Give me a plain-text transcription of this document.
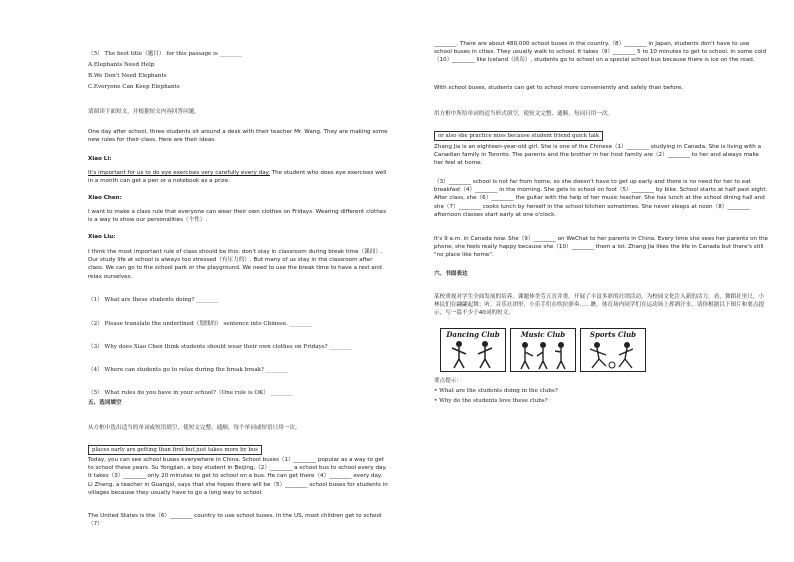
（5） The best title（题目） for this passage is ________
A.Elephants Need Help
B.We Don't Need Elephants
C.Everyone Can Keep Elephants
请阅读下面短文，并根据短文内容回答问题。
One day after school, three students sit around a desk with their teacher Mr. Wang. They are making some new rules for their class. Here are their ideas.
Xiao Li:
It's important for us to do eye exercises very carefully every day. The student who does eye exercises well in a month can get a pen or a notebook as a prize.
Xiao Chen:
I want to make a class rule that everyone can wear their own clothes on Fridays. Wearing different clothes is a way to show our personalities（个性）.
Xiao Liu:
I think the most important rule of class should be this: don't stay in classroom during break time（课间）. Our study life at school is always too stressed（有压力的）. But many of us stay in the classroom after class. We can go to the school park or the playground. We need to use the break time to have a rest and relax ourselves.
（1） What are these students doing? ________
（2） Please translate the underlined（划线的） sentence into Chinese. ________
（3） Why does Xiao Chen think students should wear their own clothes on Fridays? ________
（4） Where can students go to relax during the break break? ________
（5） What rules do you have in your school?（One rule is OK） ________
五、选词填空
从方框中选出适当的单词或短语填空，使短文完整、通顺，每个单词或短语只用一次。
places early are getting than first but just takes more by bus
Today, you can see school buses everywhere in China. School buses（1）________ popular as a way to get to school these years. Su Yongjian, a boy student in Beijing,（2）________ a school bus to school every day. It takes（3）________ only 20 minutes to get to school on a bus. He can get there（4）________ every day. Li Zheng, a teacher in Guangxi, says that she hopes there will be（5）________ school buses for students in villages because they usually have to go a long way to school.
The United States is the（6）________ country to use school buses. In the US, most children get to school（7）
________. There are about 480,000 school buses in the country.（8）________ in Japan, students don't have to use school buses in cities. They usually walk to school. It takes（9）________ 5 to 10 minutes to get to school. In some cold（10）________ like Iceland（冰岛）, students go to school on a special school bus because there is ice on the road.
With school buses, students can get to school more conveniently and safely than before.
用方框中所给单词的适当形式填空，使短文完整、通顺，每词只用一次。
or also she practice miss because student friend quick talk
Zhang Jia is an eighteen-year-old girl. She is one of the Chinese（1）________ studying in Canada. She is living with a Canadian family in Toronto. The parents and the brother in her host family are（2）________ to her and always make her feel at home.
（3）________ school is not far from home, so she doesn't have to get up early and there is no need for her to eat breakfast（4）________ in the morning. She gets to school on foot（5）________ by bike. School starts at half past eight. After class, she（6）________ the guitar with the help of her music teacher. She has lunch at the school dining hall and she（7）________ cooks lunch by herself in the school kitchen sometimes. She never sleeps at noon（8）________ afternoon classes start early at one o'clock.
It's 9 a.m. in Canada now. She（9）________ on WeChat to her parents in China. Every time she sees her parents on the phone, she feels really happy because she（10）________ them a lot. Zhang Jia likes the life in Canada but there's still "no place like home".
六、书面表达
某校重视对学生全面发展的培养，课题体美劳五育并重。开展了丰富多彩的社团活动，为校园文化注入新的活力。看，舞蹈社里尺，小林民们在翩翩起舞；听，音乐社团里，小乐手们在吹拉弹奏……瞧，体育场内同学们在运动场上挥洒汗水。请你根据以下图片和要点提示，写一篇不少于40词的短文。
Dancing Club	Music Club	Sports Club
要点提示：
• What are the students doing in the clubs?
• Why do the students love these clubs?
